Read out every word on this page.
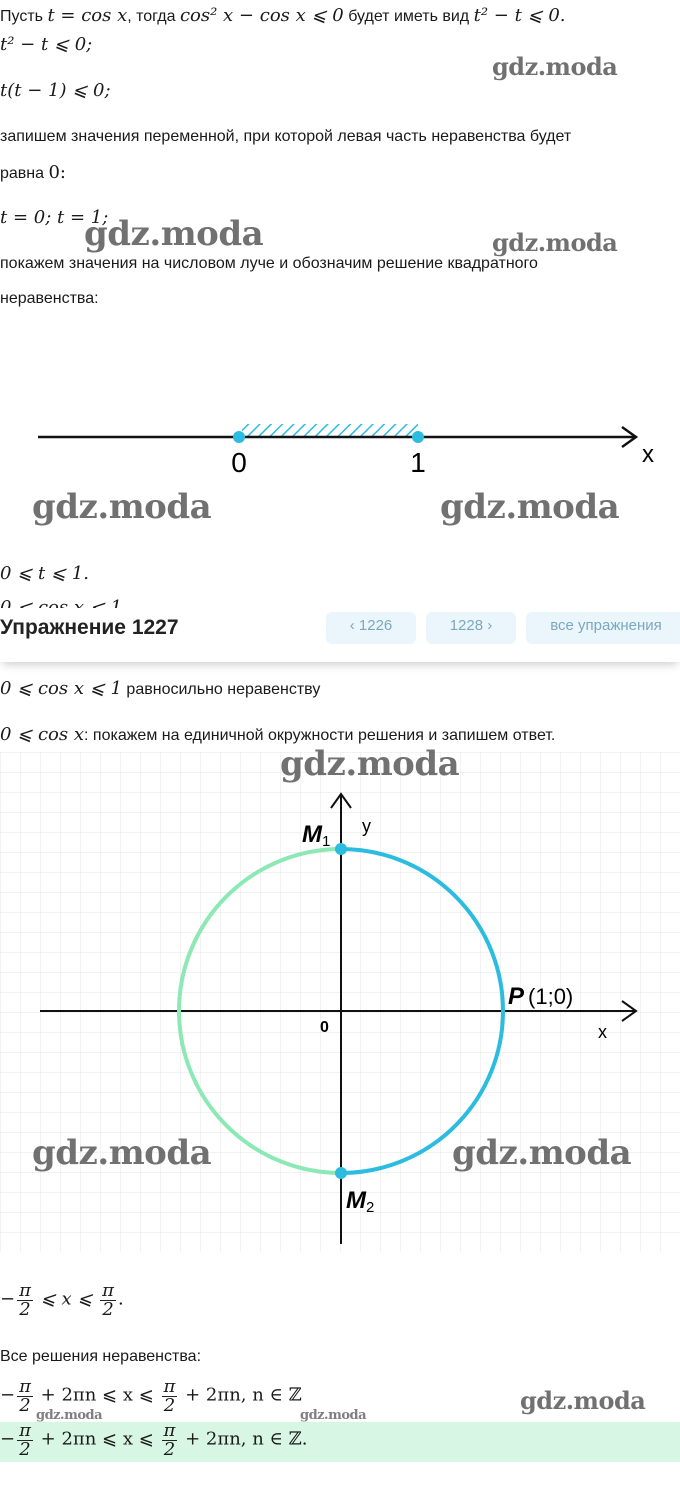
Пусть t = cos x, тогда cos² x − cos x ⩽ 0 будет иметь вид t² − t ⩽ 0.
t² − t ⩽ 0;
t(t − 1) ⩽ 0;
запишем значения переменной, при которой левая часть неравенства будет
равна 0:
t = 0; t = 1;
покажем значения на числовом луче и обозначим решение квадратного
неравенства:
0	1	x
0 ⩽ t ⩽ 1.
Упражнение 1227	‹ 1226	1228 ›	все упражнения
0 ⩽ cos x ⩽ 1 равносильно неравенству
0 ⩽ cos x: покажем на единичной окружности решения и запишем ответ.
M1
M2
P (1;0)
y
x
0
− $\frac{\pi}{2}$ ⩽ x ⩽ $\frac{\pi}{2}$ .
Все решения неравенства:
− $\frac{\pi}{2} + 2\pi n$ ⩽ x ⩽ $\frac{\pi}{2} + 2\pi n$, n ∈ ℤ
− $\frac{\pi}{2} + 2\pi n$ ⩽ x ⩽ $\frac{\pi}{2} + 2\pi n$, n ∈ ℤ.
gdz.moda
gdz.moda	gdz.moda
gdz.moda	gdz.moda
gdz.moda
gdz.moda	gdz.moda
gdz.moda
gdz.moda	gdz.moda
